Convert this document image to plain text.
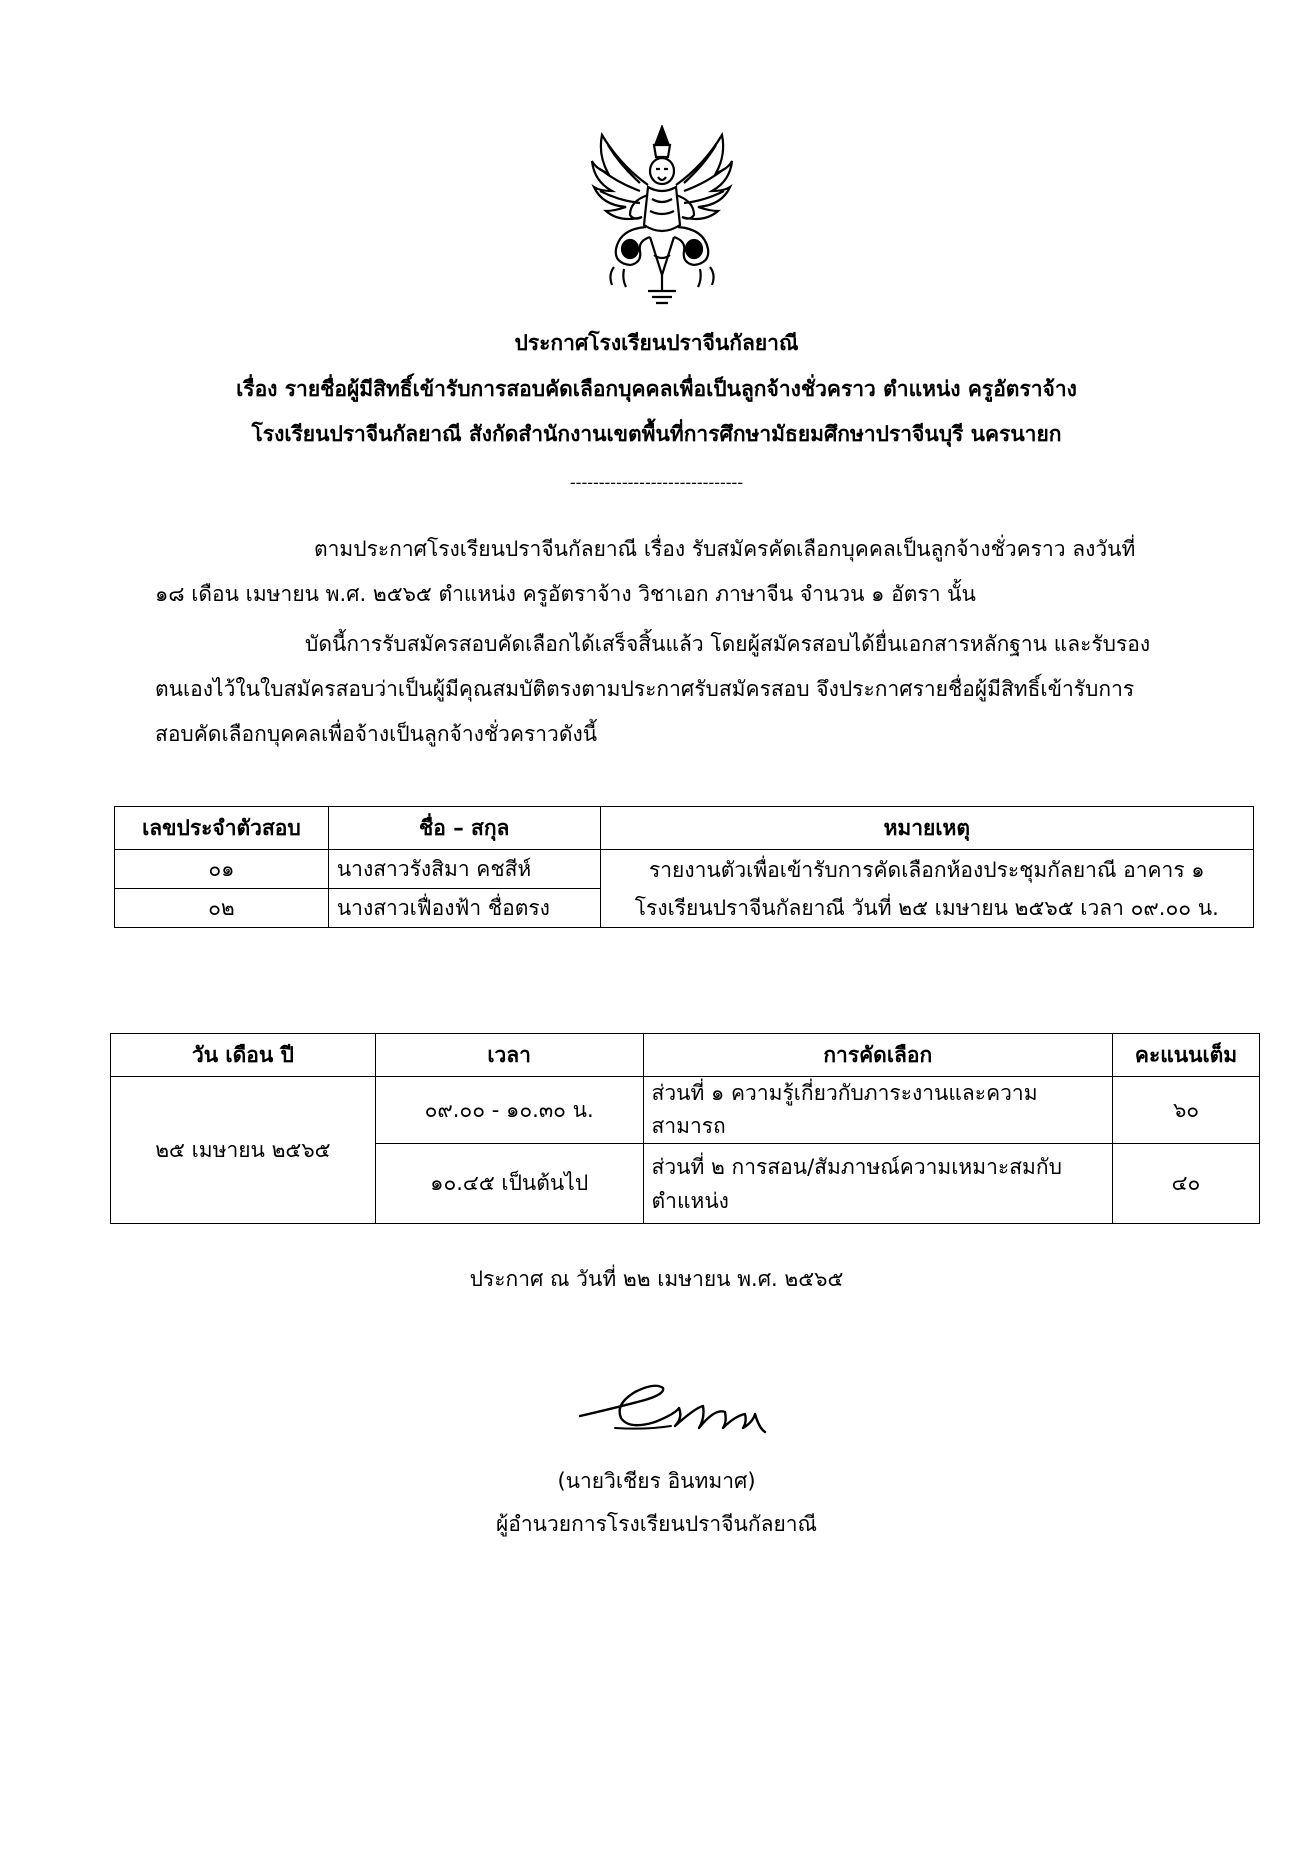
ประกาศโรงเรียนปราจีนกัลยาณี
เรื่อง รายชื่อผู้มีสิทธิ์เข้ารับการสอบคัดเลือกบุคคลเพื่อเป็นลูกจ้างชั่วคราว ตำแหน่ง ครูอัตราจ้าง
โรงเรียนปราจีนกัลยาณี สังกัดสำนักงานเขตพื้นที่การศึกษามัธยมศึกษาปราจีนบุรี นครนายก
------------------------------
ตามประกาศโรงเรียนปราจีนกัลยาณี เรื่อง รับสมัครคัดเลือกบุคคลเป็นลูกจ้างชั่วคราว ลงวันที่
๑๘ เดือน เมษายน พ.ศ. ๒๕๖๕ ตำแหน่ง ครูอัตราจ้าง วิชาเอก ภาษาจีน จำนวน ๑ อัตรา นั้น
บัดนี้การรับสมัครสอบคัดเลือกได้เสร็จสิ้นแล้ว โดยผู้สมัครสอบได้ยื่นเอกสารหลักฐาน และรับรอง
ตนเองไว้ในใบสมัครสอบว่าเป็นผู้มีคุณสมบัติตรงตามประกาศรับสมัครสอบ จึงประกาศรายชื่อผู้มีสิทธิ์เข้ารับการ
สอบคัดเลือกบุคคลเพื่อจ้างเป็นลูกจ้างชั่วคราวดังนี้
เลขประจำตัวสอบ	ชื่อ – สกุล	หมายเหตุ
๐๑	นางสาวรังสิมา คชสีห์	รายงานตัวเพื่อเข้ารับการคัดเลือกห้องประชุมกัลยาณี อาคาร ๑
โรงเรียนปราจีนกัลยาณี วันที่ ๒๕ เมษายน ๒๕๖๕ เวลา ๐๙.๐๐ น.

๐๒	นางสาวเฟื่องฟ้า ชื่อตรง	
วัน เดือน ปี	เวลา	การคัดเลือก	คะแนนเต็ม
๒๕ เมษายน ๒๕๖๕	๐๙.๐๐ - ๑๐.๓๐ น.	ส่วนที่ ๑ ความรู้เกี่ยวกับภาระงานและความสามารถ	๖๐
	๑๐.๔๕ เป็นต้นไป	ส่วนที่ ๒ การสอน/สัมภาษณ์ความเหมาะสมกับ
ตำแหน่ง	๔๐
ประกาศ ณ วันที่ ๒๒ เมษายน พ.ศ. ๒๕๖๕
(นายวิเชียร อินทมาศ)
ผู้อำนวยการโรงเรียนปราจีนกัลยาณี
